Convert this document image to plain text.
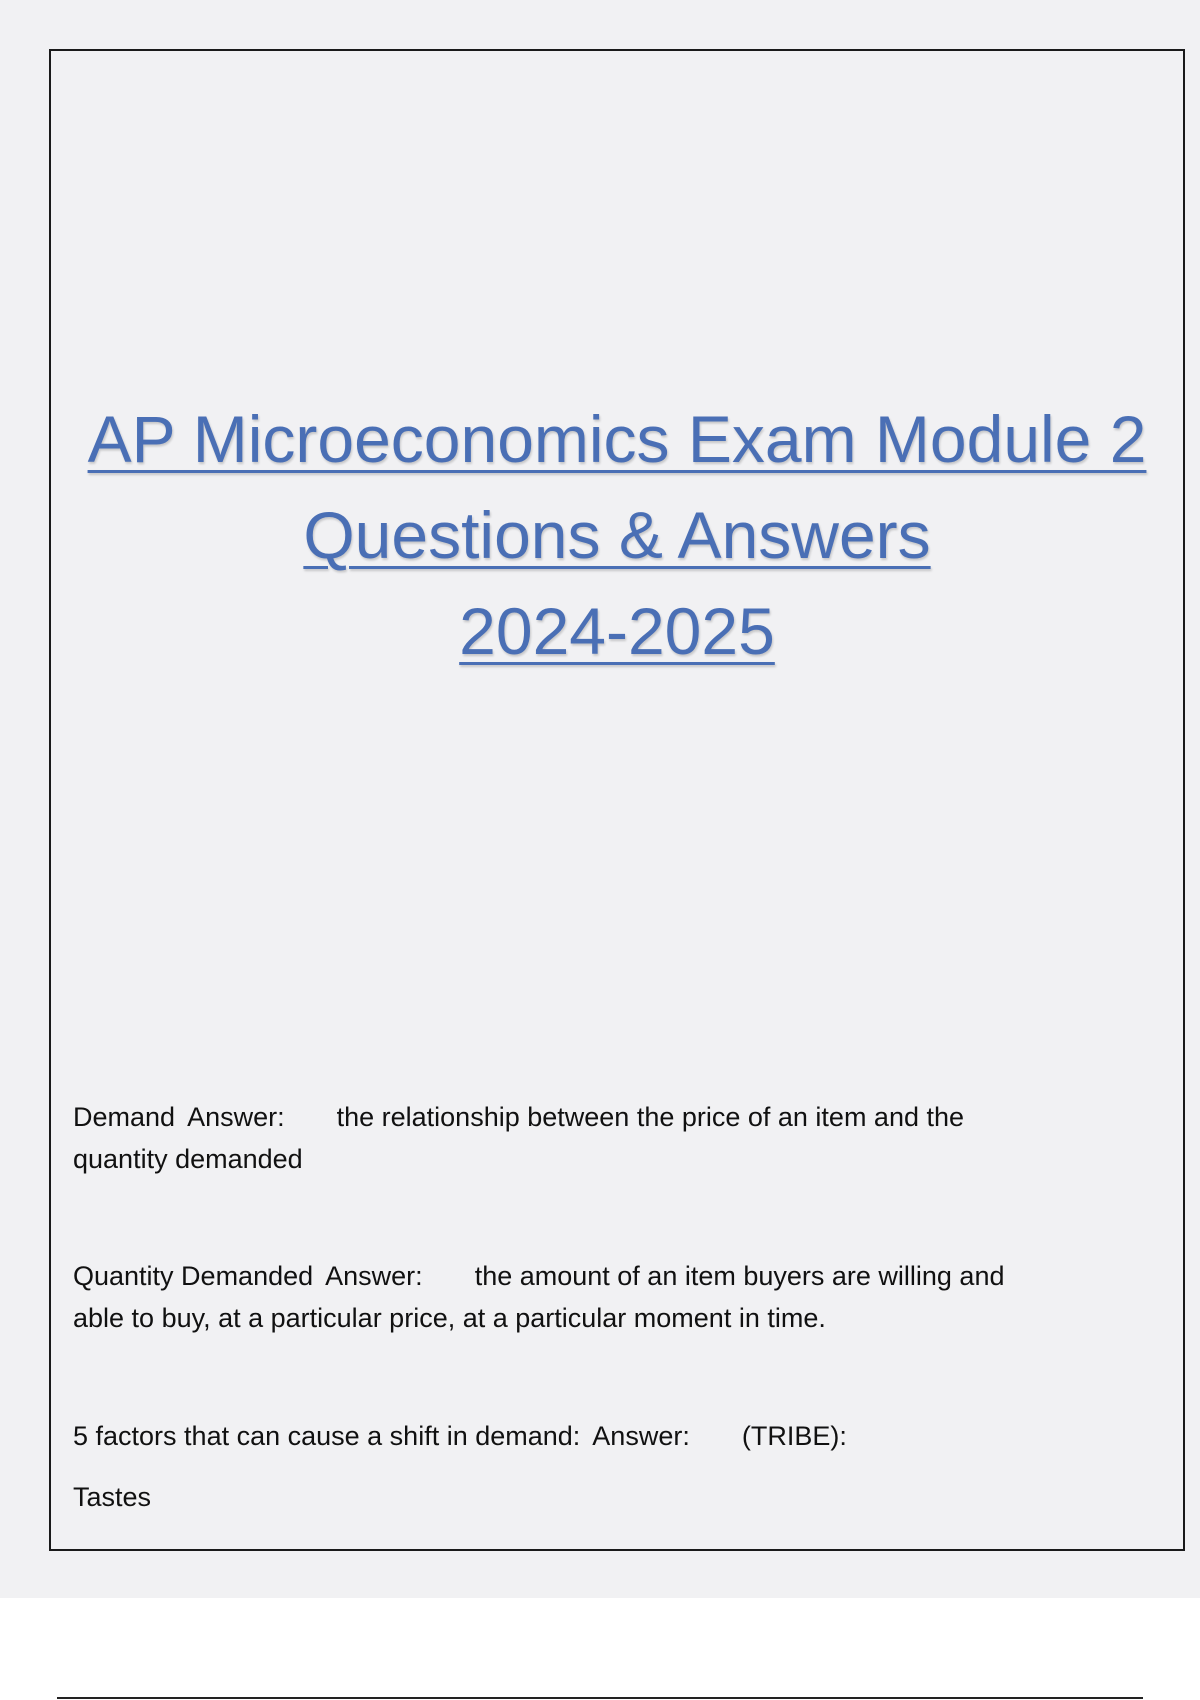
AP Microeconomics Exam Module 2
Questions & Answers
2024-2025
Demand Answer: the relationship between the price of an item and the
quantity demanded
Quantity Demanded Answer: the amount of an item buyers are willing and
able to buy, at a particular price, at a particular moment in time.
5 factors that can cause a shift in demand: Answer: (TRIBE):
Tastes
